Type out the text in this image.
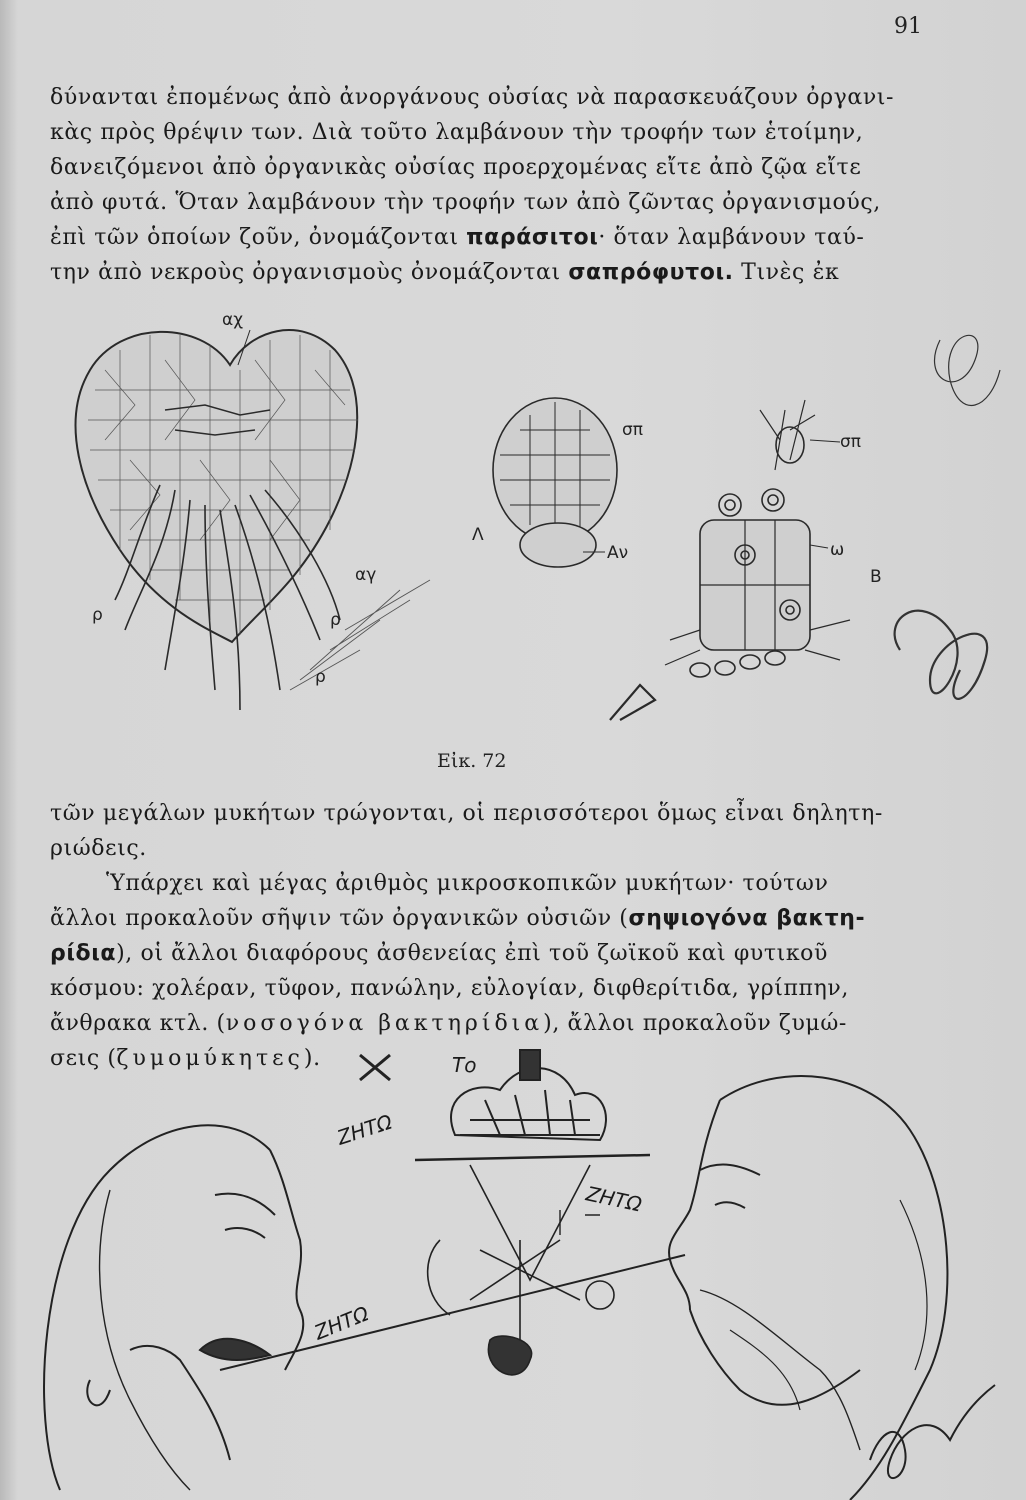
91
δύνανται ἐπομένως ἀπὸ ἀνοργάνους οὐσίας νὰ παρασκευάζουν ὀργανι-
κὰς πρὸς θρέψιν των. Διὰ τοῦτο λαμβάνουν τὴν τροφήν των ἑτοίμην,
δανειζόμενοι ἀπὸ ὀργανικὰς οὐσίας προερχομένας εἴτε ἀπὸ ζῷα εἴτε
ἀπὸ φυτά. Ὅταν λαμβάνουν τὴν τροφήν των ἀπὸ ζῶντας ὀργανισμούς,
ἐπὶ τῶν ὁποίων ζοῦν, ὀνομάζονται παράσιτοι· ὅταν λαμβάνουν ταύ-
την ἀπὸ νεκροὺς ὀργανισμοὺς ὀνομάζονται σαπρόφυτοι. Τινὲς ἐκ
αχ
αγ
ρ	ρ
ρ
Λ
σπ
Αν
σπ
ω
Β
Εἰκ. 72
τῶν μεγάλων μυκήτων τρώγονται, οἱ περισσότεροι ὅμως εἶναι δηλητη-
ριώδεις.
Ὑπάρχει καὶ μέγας ἀριθμὸς μικροσκοπικῶν μυκήτων· τούτων
ἄλλοι προκαλοῦν σῆψιν τῶν ὀργανικῶν οὐσιῶν (σηψιογόνα βακτη-
ρίδια), οἱ ἄλλοι διαφόρους ἀσθενείας ἐπὶ τοῦ ζωϊκοῦ καὶ φυτικοῦ
κόσμου: χολέραν, τῦφον, πανώλην, εὐλογίαν, διφθερίτιδα, γρίππην,
ἄνθρακα κτλ. (νοσογόνα βακτηρίδια), ἄλλοι προκαλοῦν ζυμώ-
σεις (ζυμομύκητες).
ΖΗΤΩ
Το
ΖΗΤΩ
ΖΗΤΩ
